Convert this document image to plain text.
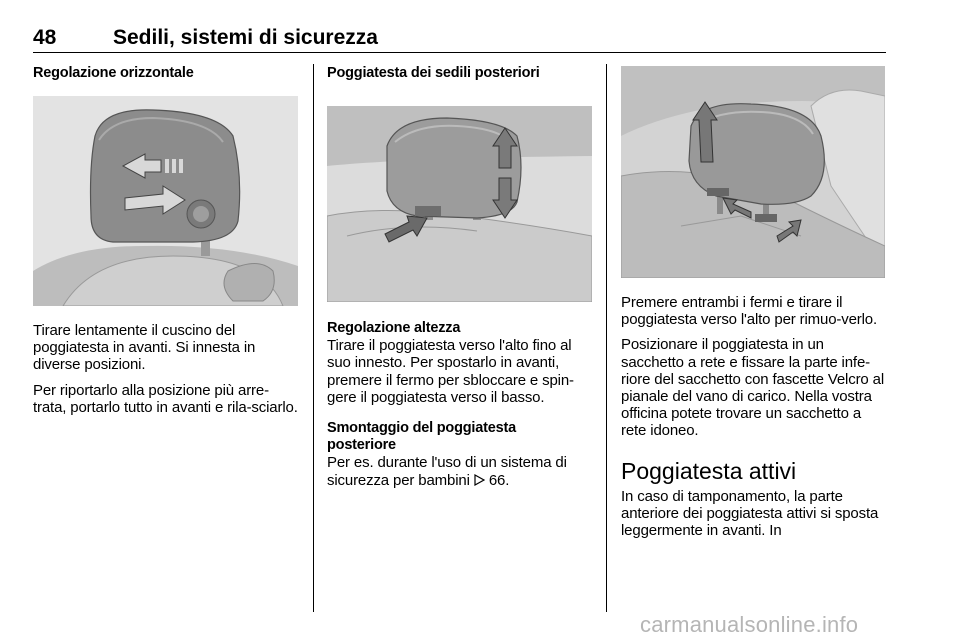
48	Sedili, sistemi di sicurezza
Regolazione orizzontale

Tirare lentamente il cuscino del poggiatesta in avanti. Si innesta in diverse posizioni.

Per riportarlo alla posizione più arre-trata, portarlo tutto in avanti e rila-sciarlo.

Poggiatesta dei sedili posteriori
Regolazione altezza

Tirare il poggiatesta verso l'alto fino al suo innesto. Per spostarlo in avanti, premere il fermo per sbloccare e spin-gere il poggiatesta verso il basso.

Smontaggio del poggiatesta
posteriore

Per es. durante l'uso di un sistema di sicurezza per bambini  66.

Premere entrambi i fermi e tirare il poggiatesta verso l'alto per rimuo-verlo.

Posizionare il poggiatesta in un sacchetto a rete e fissare la parte infe-riore del sacchetto con fascette Velcro al pianale del vano di carico. Nella vostra officina potete trovare un sacchetto a rete idoneo.

Poggiatesta attivi

In caso di tamponamento, la parte anteriore dei poggiatesta attivi si sposta leggermente in avanti. In

carmanualsonline.info
